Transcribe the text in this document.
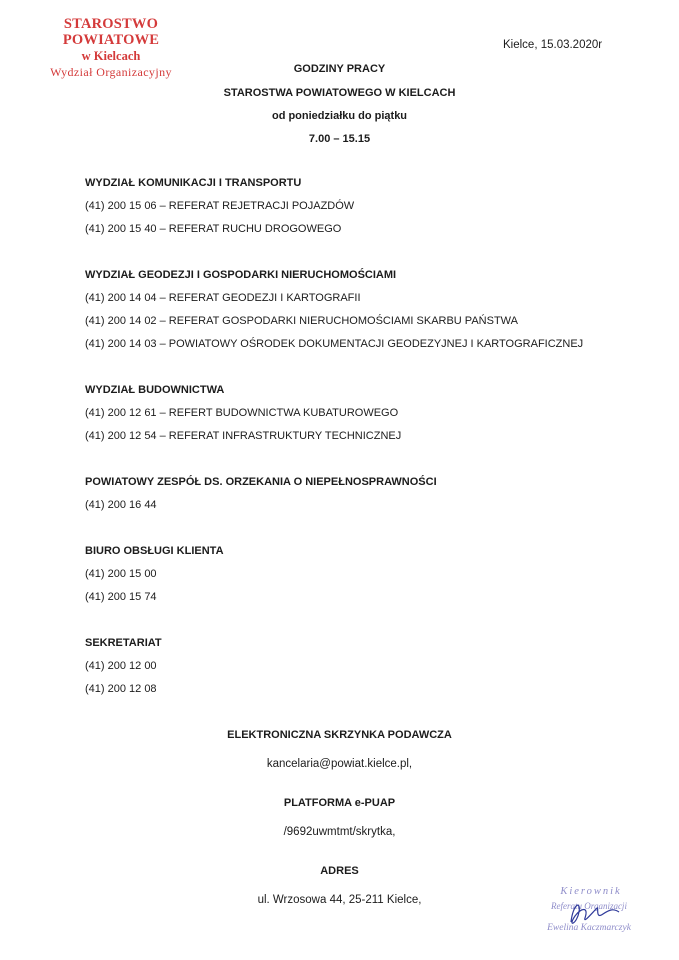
STAROSTWO POWIATOWE
w Kielcach
Wydział Organizacyjny
Kielce, 15.03.2020r
GODZINY PRACY
STAROSTWA POWIATOWEGO W KIELCACH
od poniedziałku do piątku
7.00 – 15.15
WYDZIAŁ KOMUNIKACJI I TRANSPORTU
(41) 200 15 06 – REFERAT REJETRACJI POJAZDÓW
(41) 200 15 40 – REFERAT RUCHU DROGOWEGO
WYDZIAŁ GEODEZJI I GOSPODARKI NIERUCHOMOŚCIAMI
(41) 200 14 04 – REFERAT GEODEZJI I KARTOGRAFII
(41) 200 14 02 – REFERAT GOSPODARKI NIERUCHOMOŚCIAMI SKARBU PAŃSTWA
(41) 200 14 03 – POWIATOWY OŚRODEK DOKUMENTACJI GEODEZYJNEJ I KARTOGRAFICZNEJ
WYDZIAŁ BUDOWNICTWA
(41) 200 12 61 – REFERT BUDOWNICTWA KUBATUROWEGO
(41) 200 12 54 – REFERAT INFRASTRUKTURY TECHNICZNEJ
POWIATOWY ZESPÓŁ DS. ORZEKANIA O NIEPEŁNOSPRAWNOŚCI
(41) 200 16 44
BIURO OBSŁUGI KLIENTA
(41) 200 15 00
(41) 200 15 74
SEKRETARIAT
(41) 200 12 00
(41) 200 12 08
ELEKTRONICZNA SKRZYNKA PODAWCZA
kancelaria@powiat.kielce.pl,
PLATFORMA e-PUAP
/9692uwmtmt/skrytka,
ADRES
ul. Wrzosowa 44, 25-211 Kielce,
Kierownik
Referatu Organizacji
Ewelina Kaczmarczyk
